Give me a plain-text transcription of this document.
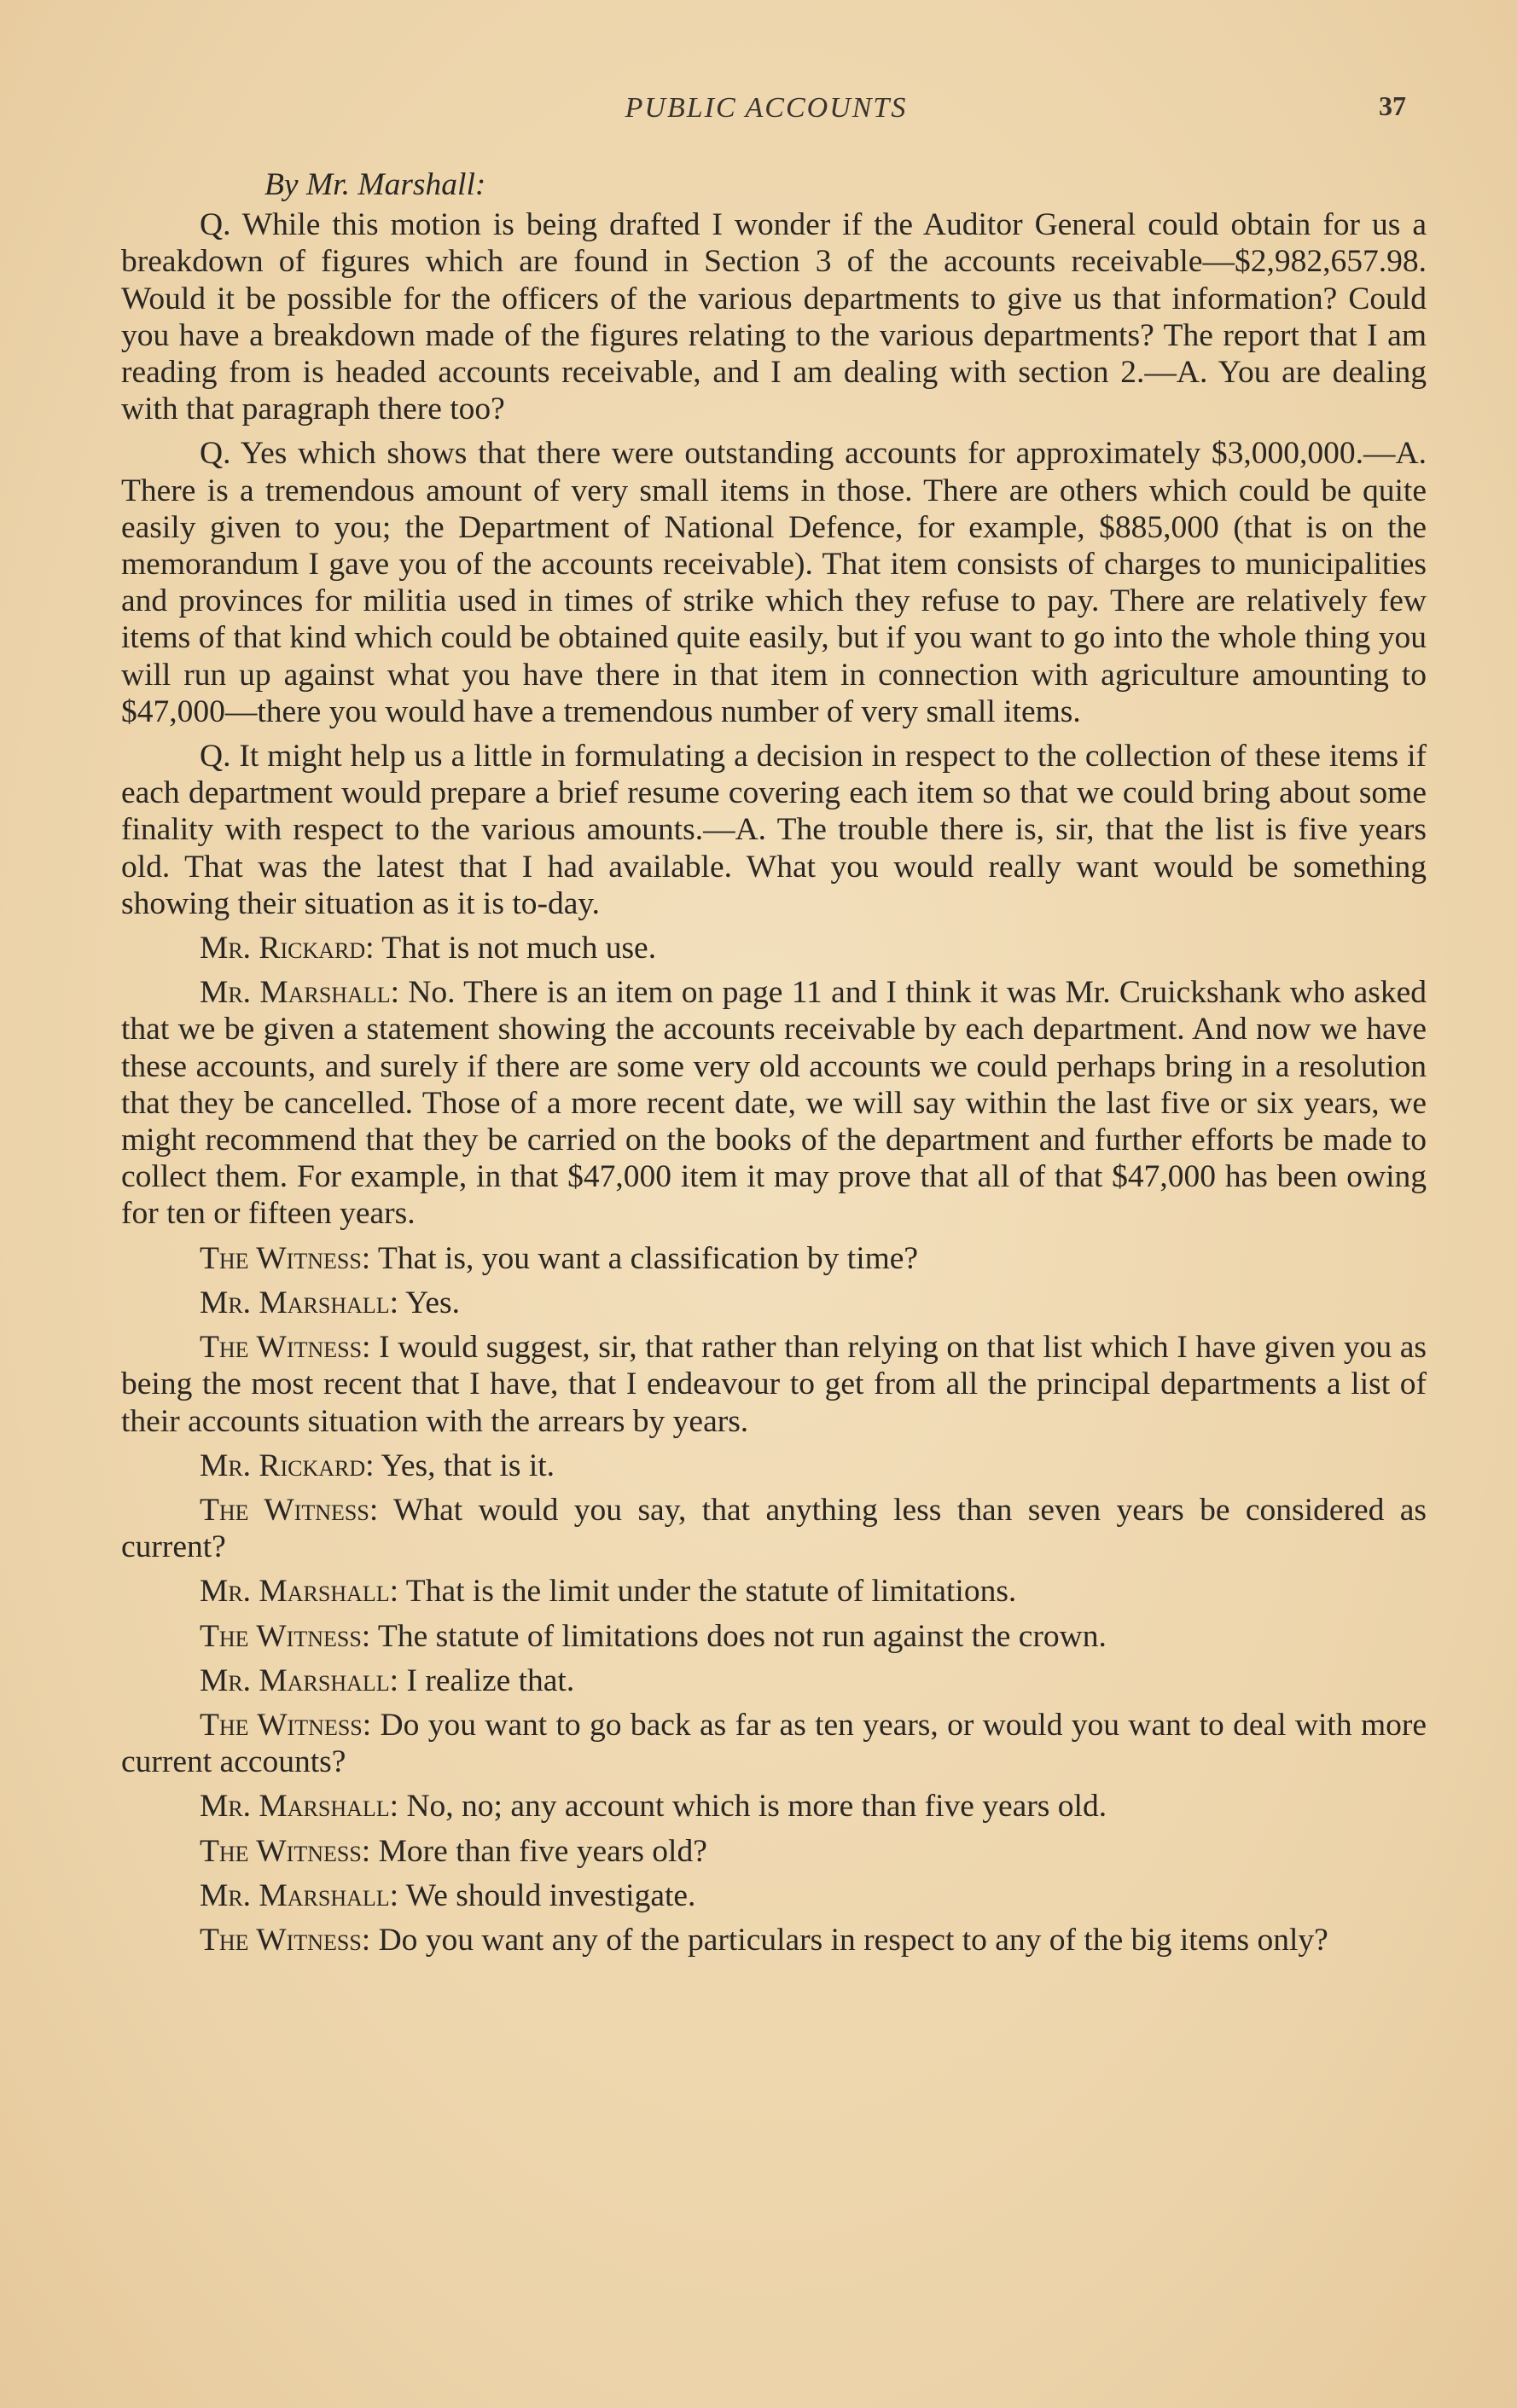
PUBLIC ACCOUNTS	37

By Mr. Marshall:

Q. While this motion is being drafted I wonder if the Auditor General could obtain for us a breakdown of figures which are found in Section 3 of the accounts receivable—$2,982,657.98. Would it be possible for the officers of the various departments to give us that information? Could you have a breakdown made of the figures relating to the various departments? The report that I am reading from is headed accounts receivable, and I am dealing with section 2.—A. You are dealing with that paragraph there too?

Q. Yes which shows that there were outstanding accounts for approximately $3,000,000.—A. There is a tremendous amount of very small items in those. There are others which could be quite easily given to you; the Department of National Defence, for example, $885,000 (that is on the memorandum I gave you of the accounts receivable). That item consists of charges to municipalities and provinces for militia used in times of strike which they refuse to pay. There are relatively few items of that kind which could be obtained quite easily, but if you want to go into the whole thing you will run up against what you have there in that item in connection with agriculture amounting to $47,000—there you would have a tremendous number of very small items.

Q. It might help us a little in formulating a decision in respect to the collection of these items if each department would prepare a brief resume covering each item so that we could bring about some finality with respect to the various amounts.—A. The trouble there is, sir, that the list is five years old. That was the latest that I had available. What you would really want would be something showing their situation as it is to-day.

Mr. Rickard: That is not much use.

Mr. Marshall: No. There is an item on page 11 and I think it was Mr. Cruickshank who asked that we be given a statement showing the accounts receivable by each department. And now we have these accounts, and surely if there are some very old accounts we could perhaps bring in a resolution that they be cancelled. Those of a more recent date, we will say within the last five or six years, we might recommend that they be carried on the books of the department and further efforts be made to collect them. For example, in that $47,000 item it may prove that all of that $47,000 has been owing for ten or fifteen years.

The Witness: That is, you want a classification by time?

Mr. Marshall: Yes.

The Witness: I would suggest, sir, that rather than relying on that list which I have given you as being the most recent that I have, that I endeavour to get from all the principal departments a list of their accounts situation with the arrears by years.

Mr. Rickard: Yes, that is it.

The Witness: What would you say, that anything less than seven years be considered as current?

Mr. Marshall: That is the limit under the statute of limitations.

The Witness: The statute of limitations does not run against the crown.

Mr. Marshall: I realize that.

The Witness: Do you want to go back as far as ten years, or would you want to deal with more current accounts?

Mr. Marshall: No, no; any account which is more than five years old.

The Witness: More than five years old?

Mr. Marshall: We should investigate.

The Witness: Do you want any of the particulars in respect to any of the big items only?
